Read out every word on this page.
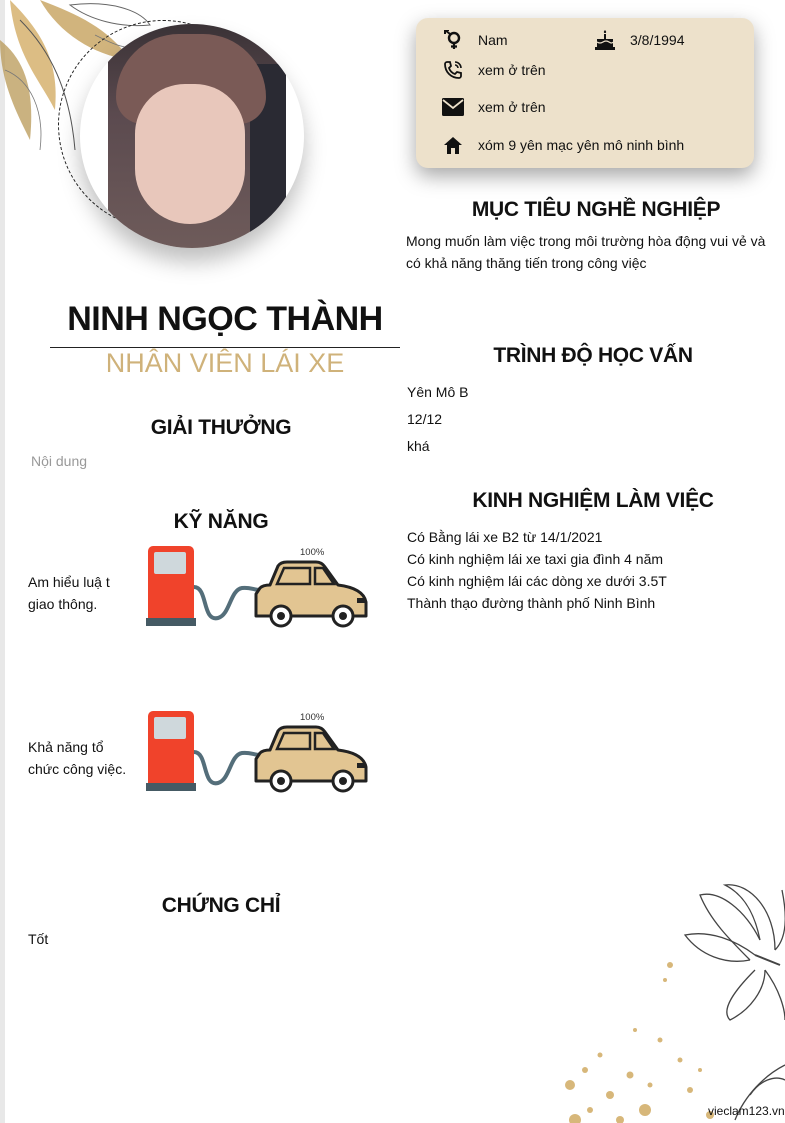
Nam	3/8/1994
xem ở trên
xem ở trên
xóm 9 yên mạc yên mô ninh bình
MỤC TIÊU NGHỀ NGHIỆP
Mong muốn làm việc trong môi trường hòa động vui vẻ và
có khả năng thăng tiến trong công việc
NINH NGỌC THÀNH
NHÂN VIÊN LÁI XE	TRÌNH ĐỘ HỌC VẤN
Yên Mô B
12/12
khá
GIẢI THƯỞNG
Nội dung
KINH NGHIỆM LÀM VIỆC
Có Bằng lái xe B2 từ 14/1/2021
Có kinh nghiệm lái xe taxi gia đình 4 năm
Có kinh nghiệm lái các dòng xe dưới 3.5T
Thành thạo đường thành phố Ninh Bình
KỸ NĂNG
Am hiểu luậ t
giao thông.
100%
Khả năng tổ
chức công việc.
100%
CHỨNG CHỈ
Tốt
vieclam123.vn
